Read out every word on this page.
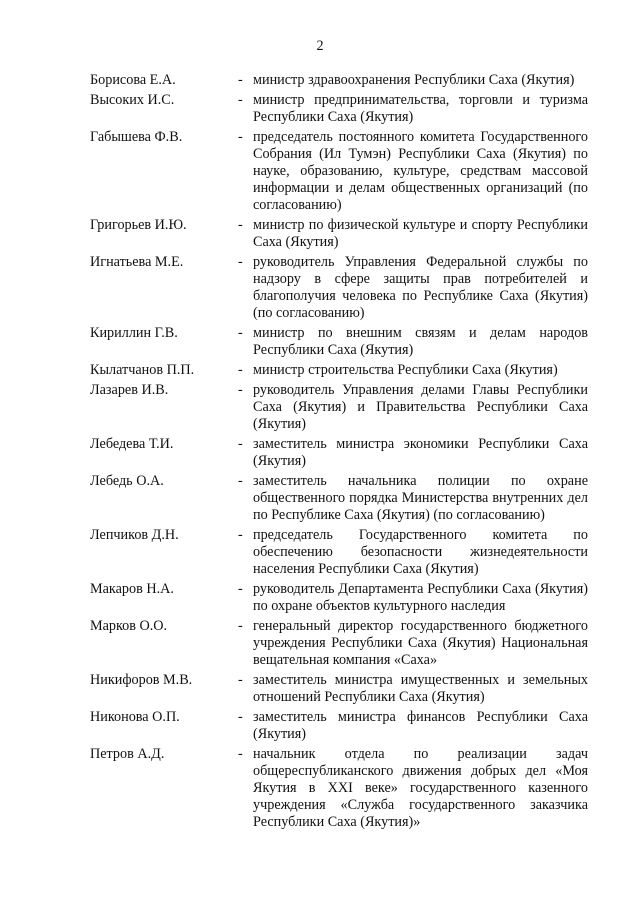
2
Борисова Е.А.	- министр здравоохранения Республики Саха (Якутия)
Высоких И.С.	- министр предпринимательства, торговли и туризма Республики Саха (Якутия)
Габышева Ф.В.	- председатель постоянного комитета Государственного Собрания (Ил Тумэн) Республики Саха (Якутия) по науке, образованию, культуре, средствам массовой информации и делам общественных организаций (по согласованию)
Григорьев И.Ю.	- министр по физической культуре и спорту Республики Саха (Якутия)
Игнатьева М.Е.	- руководитель Управления Федеральной службы по надзору в сфере защиты прав потребителей и благополучия человека по Республике Саха (Якутия) (по согласованию)
Кириллин Г.В.	- министр по внешним связям и делам народов Республики Саха (Якутия)
Кылатчанов П.П.	- министр строительства Республики Саха (Якутия)
Лазарев И.В.	- руководитель Управления делами Главы Республики Саха (Якутия) и Правительства Республики Саха (Якутия)
Лебедева Т.И.	- заместитель министра экономики Республики Саха (Якутия)
Лебедь О.А.	- заместитель начальника полиции по охране общественного порядка Министерства внутренних дел по Республике Саха (Якутия) (по согласованию)
Лепчиков Д.Н.	- председатель Государственного комитета по обеспечению безопасности жизнедеятельности населения Республики Саха (Якутия)
Макаров Н.А.	- руководитель Департамента Республики Саха (Якутия) по охране объектов культурного наследия
Марков О.О.	- генеральный директор государственного бюджетного учреждения Республики Саха (Якутия) Национальная вещательная компания «Саха»
Никифоров М.В.	- заместитель министра имущественных и земельных отношений Республики Саха (Якутия)
Никонова О.П.	- заместитель министра финансов Республики Саха (Якутия)
Петров А.Д.	- начальник отдела по реализации задач общереспубликанского движения добрых дел «Моя Якутия в XXI веке» государственного казенного учреждения «Служба государственного заказчика Республики Саха (Якутия)»
